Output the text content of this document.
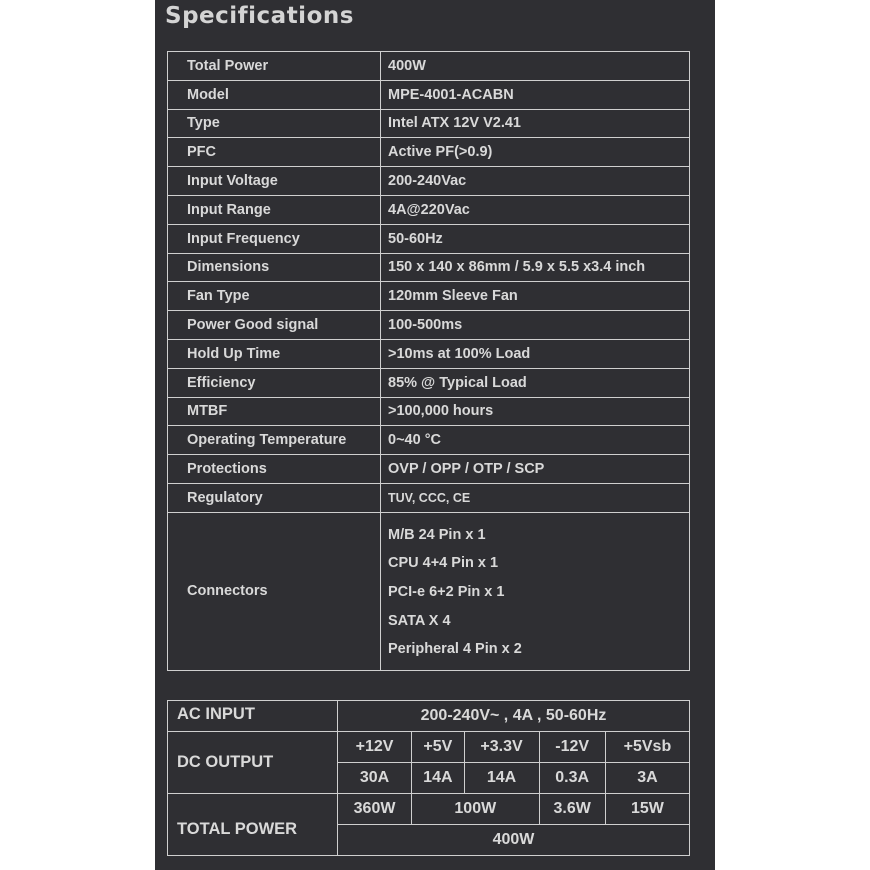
Specifications
Total Power	400W
Model	MPE-4001-ACABN
Type	Intel ATX 12V V2.41
PFC	Active PF(>0.9)
Input Voltage	200-240Vac
Input Range	4A@220Vac
Input Frequency	50-60Hz
Dimensions	150 x 140 x 86mm / 5.9 x 5.5 x3.4 inch
Fan Type	120mm Sleeve Fan
Power Good signal	100-500ms
Hold Up Time	>10ms at 100% Load
Efficiency	85% @ Typical Load
MTBF	>100,000 hours
Operating Temperature	0~40 °C
Protections	OVP / OPP / OTP / SCP
Regulatory	TUV, CCC, CE
Connectors	M/B 24 Pin x 1
CPU 4+4 Pin x 1
PCI-e 6+2 Pin x 1
SATA X 4
Peripheral 4 Pin x 2
AC INPUT	200-240V~ , 4A , 50-60Hz				
DC OUTPUT	+12V	+5V	+3.3V	-12V	+5Vsb
	30A	14A	14A	0.3A	3A
TOTAL POWER	360W	100W		3.6W	15W
	400W				
